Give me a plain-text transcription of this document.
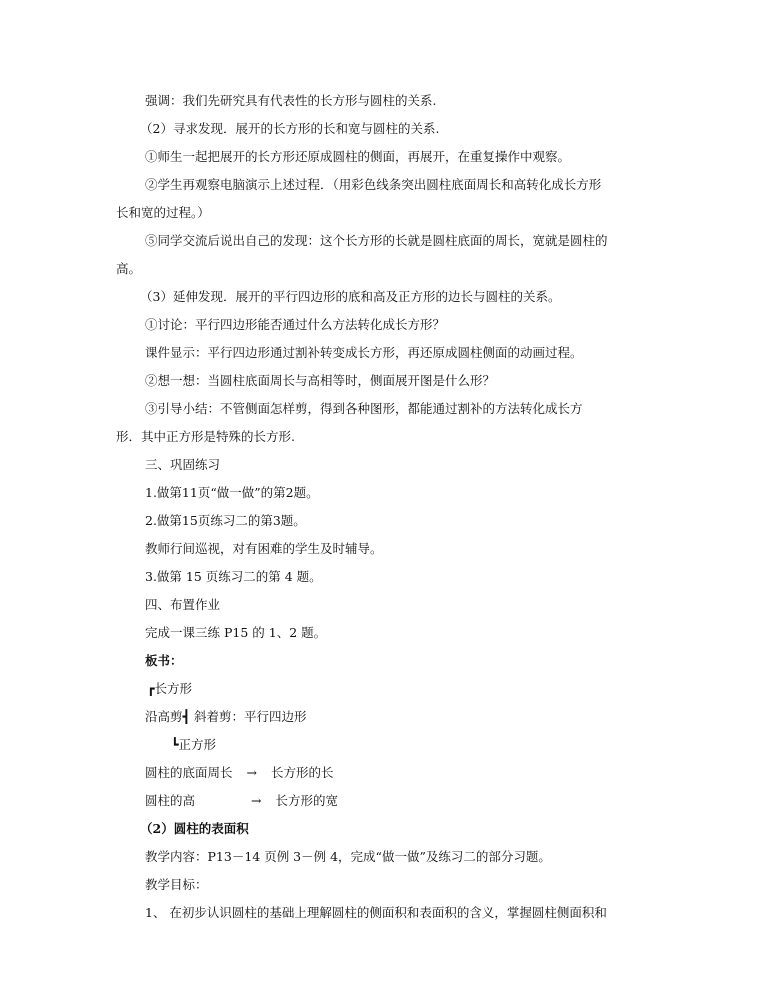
强调：我们先研究具有代表性的长方形与圆柱的关系.
（2）寻求发现．展开的长方形的长和宽与圆柱的关系.
①师生一起把展开的长方形还原成圆柱的侧面，再展开，在重复操作中观察。
②学生再观察电脑演示上述过程．（用彩色线条突出圆柱底面周长和高转化成长方形
长和宽的过程。）
⑤同学交流后说出自己的发现：这个长方形的长就是圆柱底面的周长，宽就是圆柱的
高。
（3）延伸发现．展开的平行四边形的底和高及正方形的边长与圆柱的关系。
①讨论：平行四边形能否通过什么方法转化成长方形？
课件显示：平行四边形通过割补转变成长方形，再还原成圆柱侧面的动画过程。
②想一想：当圆柱底面周长与高相等时，侧面展开图是什么形？
③引导小结：不管侧面怎样剪，得到各种图形，都能通过割补的方法转化成长方
形．其中正方形是特殊的长方形.
三、巩固练习
1.做第11页“做一做”的第2题。
2.做第15页练习二的第3题。
教师行间巡视，对有困难的学生及时辅导。
3.做第 15 页练习二的第 4 题。
四、布置作业
完成一课三练 P15 的 1、2 题。
板书：
┏长方形
沿高剪┫ 斜着剪：平行四边形
┗正方形
圆柱的底面周长 → 长方形的长
圆柱的高	→ 长方形的宽
（2）圆柱的表面积
教学内容：P13－14 页例 3－例 4，完成“做一做”及练习二的部分习题。
教学目标：
1、 在初步认识圆柱的基础上理解圆柱的侧面积和表面积的含义，掌握圆柱侧面积和
